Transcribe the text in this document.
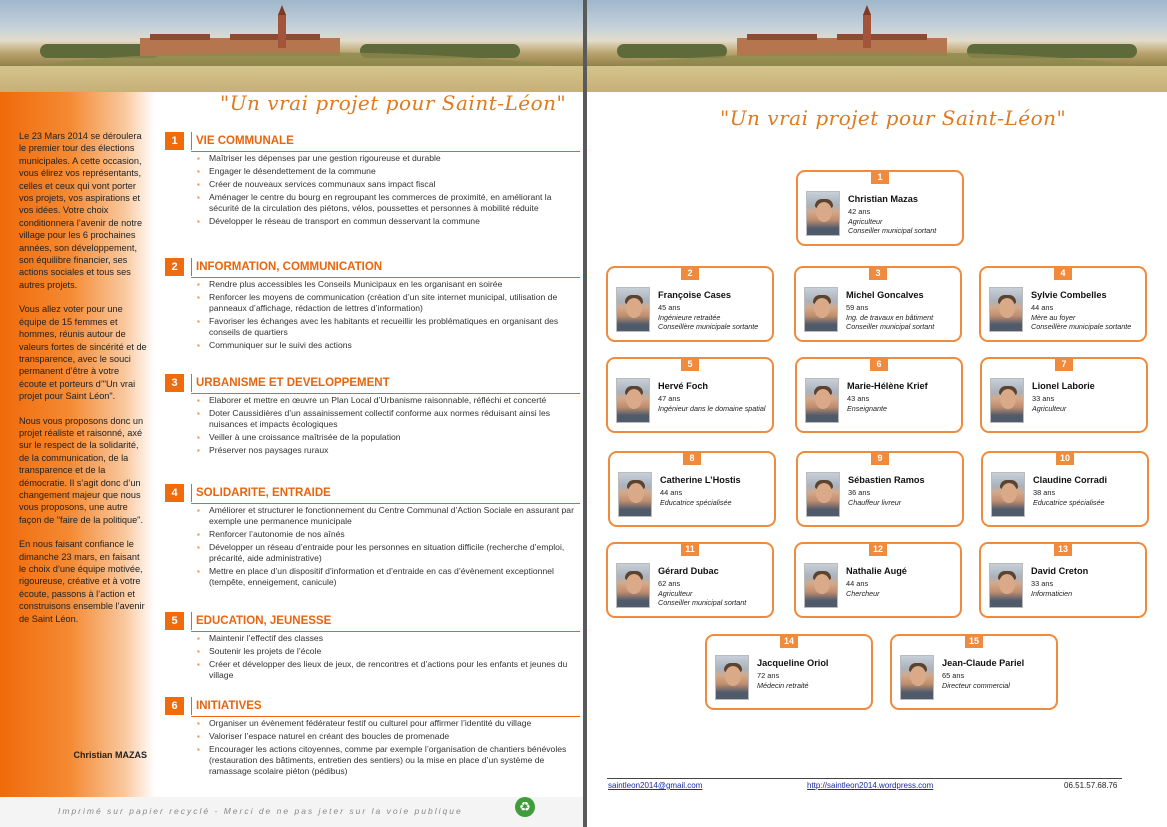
"Un vrai projet pour Saint-Léon"

Le 23 Mars 2014 se déroulera le premier tour des élections municipales. A cette occasion, vous élirez vos représentants, celles et ceux qui vont porter vos projets, vos aspirations et vos idées. Votre choix conditionnera l’avenir de notre village pour les 6 prochaines années, son développement, son équilibre financier, ses actions sociales et tous ses autres projets.

Vous allez voter pour une équipe de 15 femmes et hommes, réunis autour de valeurs fortes de sincérité et de transparence, avec le souci permanent d’être à votre écoute et porteurs d’"Un vrai projet pour Saint Léon".

Nous vous proposons donc un projet réaliste et raisonné, axé sur le respect de la solidarité, de la communication, de la transparence et de la démocratie. Il s’agit donc d’un changement majeur que nous vous proposons, une autre façon de "faire de la politique".

En nous faisant confiance le dimanche 23 mars, en faisant le choix d’une équipe motivée, rigoureuse, créative et à votre écoute, passons à l’action et construisons ensemble l’avenir de Saint Léon.

Christian MAZAS
1	VIE COMMUNALE
▪ Maîtriser les dépenses par une gestion rigoureuse et durable
▪ Engager le désendettement de la commune
▪ Créer de nouveaux services communaux sans impact fiscal
▪ Aménager le centre du bourg en regroupant les commerces de proximité, en améliorant la sécurité de la circulation des piétons, vélos, poussettes et personnes à mobilité réduite
▪ Développer le réseau de transport en commun desservant la commune
2	INFORMATION, COMMUNICATION
▪ Rendre plus accessibles les Conseils Municipaux en les organisant en soirée
▪ Renforcer les moyens de communication (création d’un site internet municipal, utilisation de panneaux d’affichage, rédaction de lettres d’information)
▪ Favoriser les échanges avec les habitants et recueillir les problématiques en organisant des conseils de quartiers
▪ Communiquer sur le suivi des actions
3	URBANISME ET DEVELOPPEMENT
▪ Elaborer et mettre en œuvre un Plan Local d’Urbanisme raisonnable, réfléchi et concerté
▪ Doter Caussidières d’un assainissement collectif conforme aux normes réduisant ainsi les nuisances et impacts écologiques
▪ Veiller à une croissance maîtrisée de la population
▪ Préserver nos paysages ruraux
4	SOLIDARITE, ENTRAIDE
▪ Améliorer et structurer le fonctionnement du Centre Communal d’Action Sociale en assurant par exemple une permanence municipale
▪ Renforcer l’autonomie de nos aînés
▪ Développer un réseau d’entraide pour les personnes en situation difficile (recherche d’emploi, précarité, aide administrative)
▪ Mettre en place d’un dispositif d’information et d’entraide en cas d’évènement exceptionnel (tempête, enneigement, canicule)
5	EDUCATION, JEUNESSE
▪ Maintenir l’effectif des classes
▪ Soutenir les projets de l’école
▪ Créer et développer des lieux de jeux, de rencontres et d’actions pour les enfants et jeunes du village
6	INITIATIVES
▪ Organiser un évènement fédérateur festif ou culturel pour affirmer l’identité du village
▪ Valoriser l’espace naturel en créant des boucles de promenade
▪ Encourager les actions citoyennes, comme par exemple l’organisation de chantiers bénévoles (restauration des bâtiments, entretien des sentiers) ou la mise en place d’un système de ramassage scolaire piéton (pédibus)
Imprimé sur papier recyclé - Merci de ne pas jeter sur la voie publique	♻
"Un vrai projet pour Saint-Léon"
1
Christian Mazas
42 ans
Agriculteur
Conseiller municipal sortant
2
Françoise Cases
45 ans
Ingénieure retraitée
Conseillère municipale sortante
3
Michel Goncalves
59 ans
Ing. de travaux en bâtiment
Conseiller municipal sortant
4
Sylvie Combelles
44 ans
Mère au foyer
Conseillère municipale sortante
5
Hervé Foch
47 ans
Ingénieur dans le domaine spatial
6
Marie-Hélène Krief
43 ans
Enseignante
7
Lionel Laborie
33 ans
Agriculteur
8
Catherine L’Hostis
44 ans
Educatrice spécialisée
9
Sébastien Ramos
36 ans
Chauffeur livreur
10
Claudine Corradi
38 ans
Educatrice spécialisée
11
Gérard Dubac
62 ans
Agriculteur
Conseiller municipal sortant
12
Nathalie Augé
44 ans
Chercheur
13
David Creton
33 ans
Informaticien
14
Jacqueline Oriol
72 ans
Médecin retraité
15
Jean-Claude Pariel
65 ans
Directeur commercial
saintleon2014@gmail.com	http://saintleon2014.wordpress.com	06.51.57.68.76
